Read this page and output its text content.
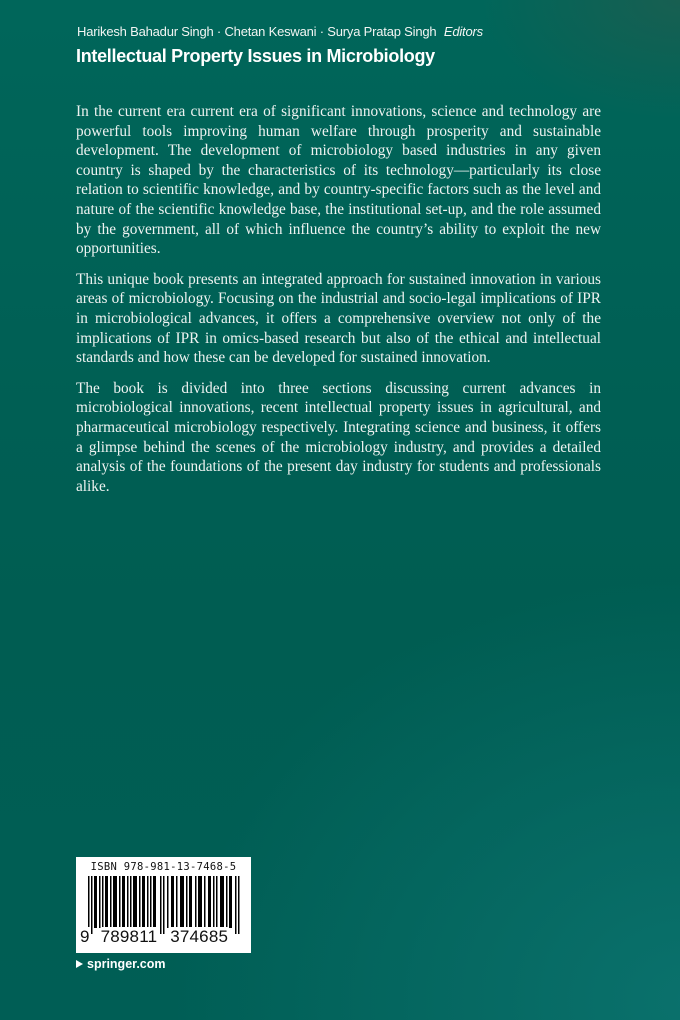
Harikesh Bahadur Singh · Chetan Keswani · Surya Pratap Singh Editors
Intellectual Property Issues in Microbiology

In the current era current era of significant innovations, science and technology are powerful tools improving human welfare through prosperity and sustainable development. The development of microbiology based industries in any given country is shaped by the characteristics of its technology—particularly its close relation to scientific knowledge, and by country-specific factors such as the level and nature of the scientific knowledge base, the institutional set-up, and the role assumed by the government, all of which influence the country’s ability to exploit the new opportunities.

This unique book presents an integrated approach for sustained innovation in various areas of microbiology. Focusing on the industrial and socio-legal implications of IPR in microbiological advances, it offers a comprehensive overview not only of the implications of IPR in omics-based research but also of the ethical and intellectual standards and how these can be developed for sustained innovation.

The book is divided into three sections discussing current advances in microbiological innovations, recent intellectual property issues in agricultural, and pharmaceutical microbiology respectively. Integrating science and business, it offers a glimpse behind the scenes of the microbiology industry, and provides a detailed analysis of the foundations of the present day industry for students and professionals alike.

ISBN 978-981-13-7468-5
9 789811 374685
springer.com
